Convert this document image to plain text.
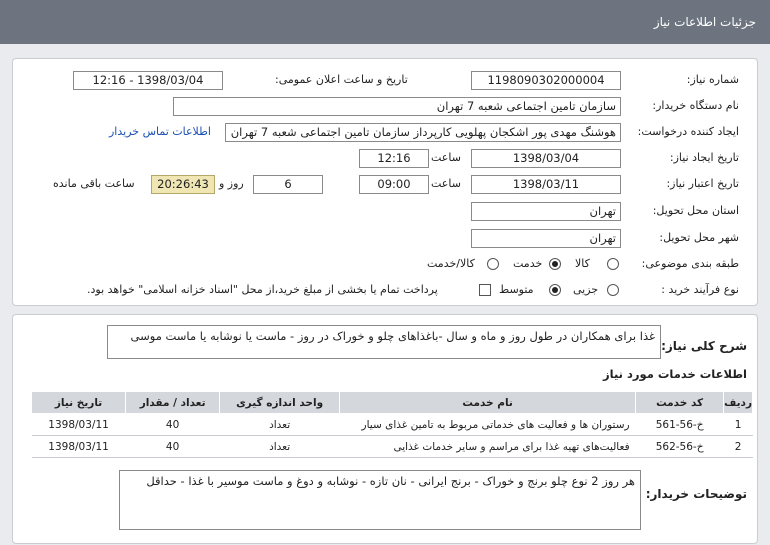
جزئیات اطلاعات نیاز
شماره نیاز:
1198090302000004
تاریخ و ساعت اعلان عمومی:
1398/03/04 - 12:16
نام دستگاه خریدار:
سازمان تامین اجتماعی شعبه 7 تهران
ایجاد کننده درخواست:
هوشنگ مهدی پور اشکجان پهلویی کارپرداز سازمان تامین اجتماعی شعبه 7 تهران
اطلاعات تماس خریدار
تاریخ ایجاد نیاز:
1398/03/04
ساعت
12:16
تاریخ اعتبار نیاز:
1398/03/11
ساعت
09:00
6
روز و
20:26:43
ساعت باقی مانده
استان محل تحویل:
تهران
شهر محل تحویل:
تهران
طبقه بندی موضوعی:
کالا
خدمت
کالا/خدمت
نوع فرآیند خرید :
جزیی
متوسط
پرداخت تمام یا بخشی از مبلغ خرید،از محل "اسناد خزانه اسلامی" خواهد بود.
شرح کلی نیاز:
غذا برای همکاران در طول روز و ماه و سال -باغذاهای چلو و خوراک در روز - ماست یا نوشابه یا ماست موسی
اطلاعات خدمات مورد نیاز
ردیف	کد خدمت	نام خدمت	واحد اندازه گیری	تعداد / مقدار	تاریخ نیاز
1	خ-56-561	رستوران ها و فعالیت های خدماتی مربوط به تامین غذای سیار	تعداد	40	1398/03/11
2	خ-56-562	فعالیت‌های تهیه غذا برای مراسم و سایر خدمات غذایی	تعداد	40	1398/03/11
توضیحات خریدار:
هر روز 2 نوع چلو برنج و خوراک - برنج ایرانی - نان تازه - نوشابه و دوغ و ماست موسیر با غذا - حداقل
